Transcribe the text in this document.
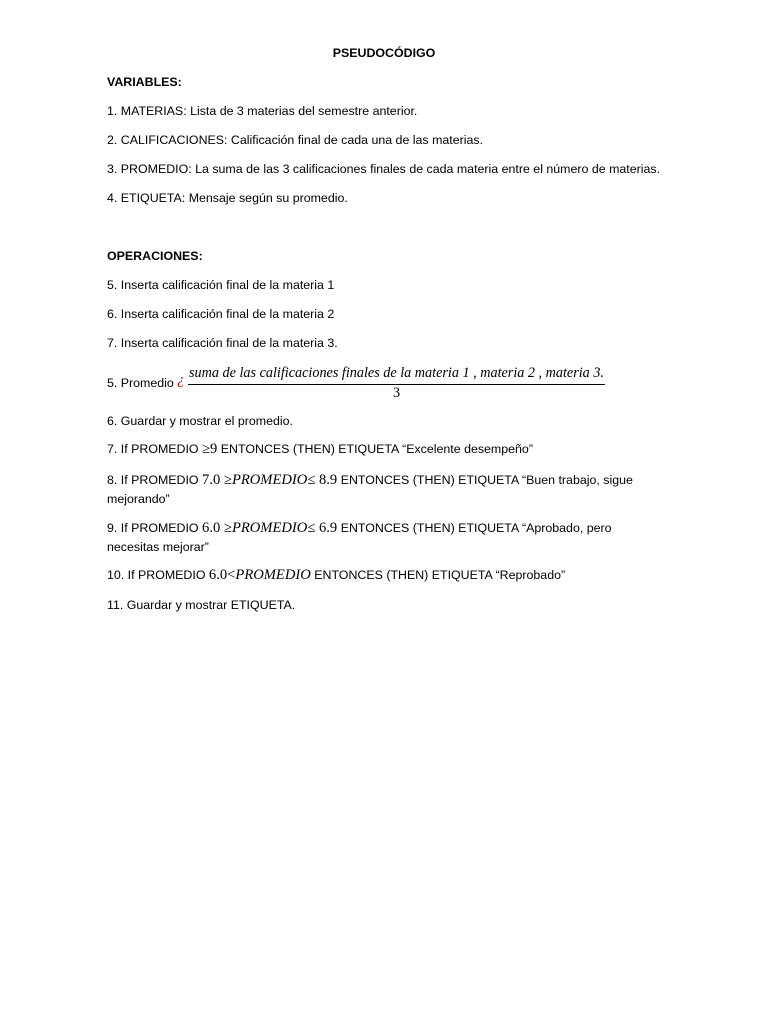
PSEUDOCÓDIGO
VARIABLES:
1. MATERIAS: Lista de 3 materias del semestre anterior.
2. CALIFICACIONES: Calificación final de cada una de las materias.
3. PROMEDIO: La suma de las 3 calificaciones finales de cada materia entre el número de materias.
4. ETIQUETA: Mensaje según su promedio.
OPERACIONES:
5. Inserta calificación final de la materia 1
6. Inserta calificación final de la materia 2
7. Inserta calificación final de la materia 3.
5. Promedio ¿ suma de las calificaciones finales de la materia 1 , materia 2 , materia 3.
3
6. Guardar y mostrar el promedio.
7. If PROMEDIO ≥9 ENTONCES (THEN) ETIQUETA “Excelente desempeño”
8. If PROMEDIO 7.0 ≥PROMEDIO≤ 8.9 ENTONCES (THEN) ETIQUETA “Buen trabajo, sigue mejorando”
9. If PROMEDIO 6.0 ≥PROMEDIO≤ 6.9 ENTONCES (THEN) ETIQUETA “Aprobado, pero necesitas mejorar”
10. If PROMEDIO 6.0<PROMEDIO ENTONCES (THEN) ETIQUETA “Reprobado”
11. Guardar y mostrar ETIQUETA.
